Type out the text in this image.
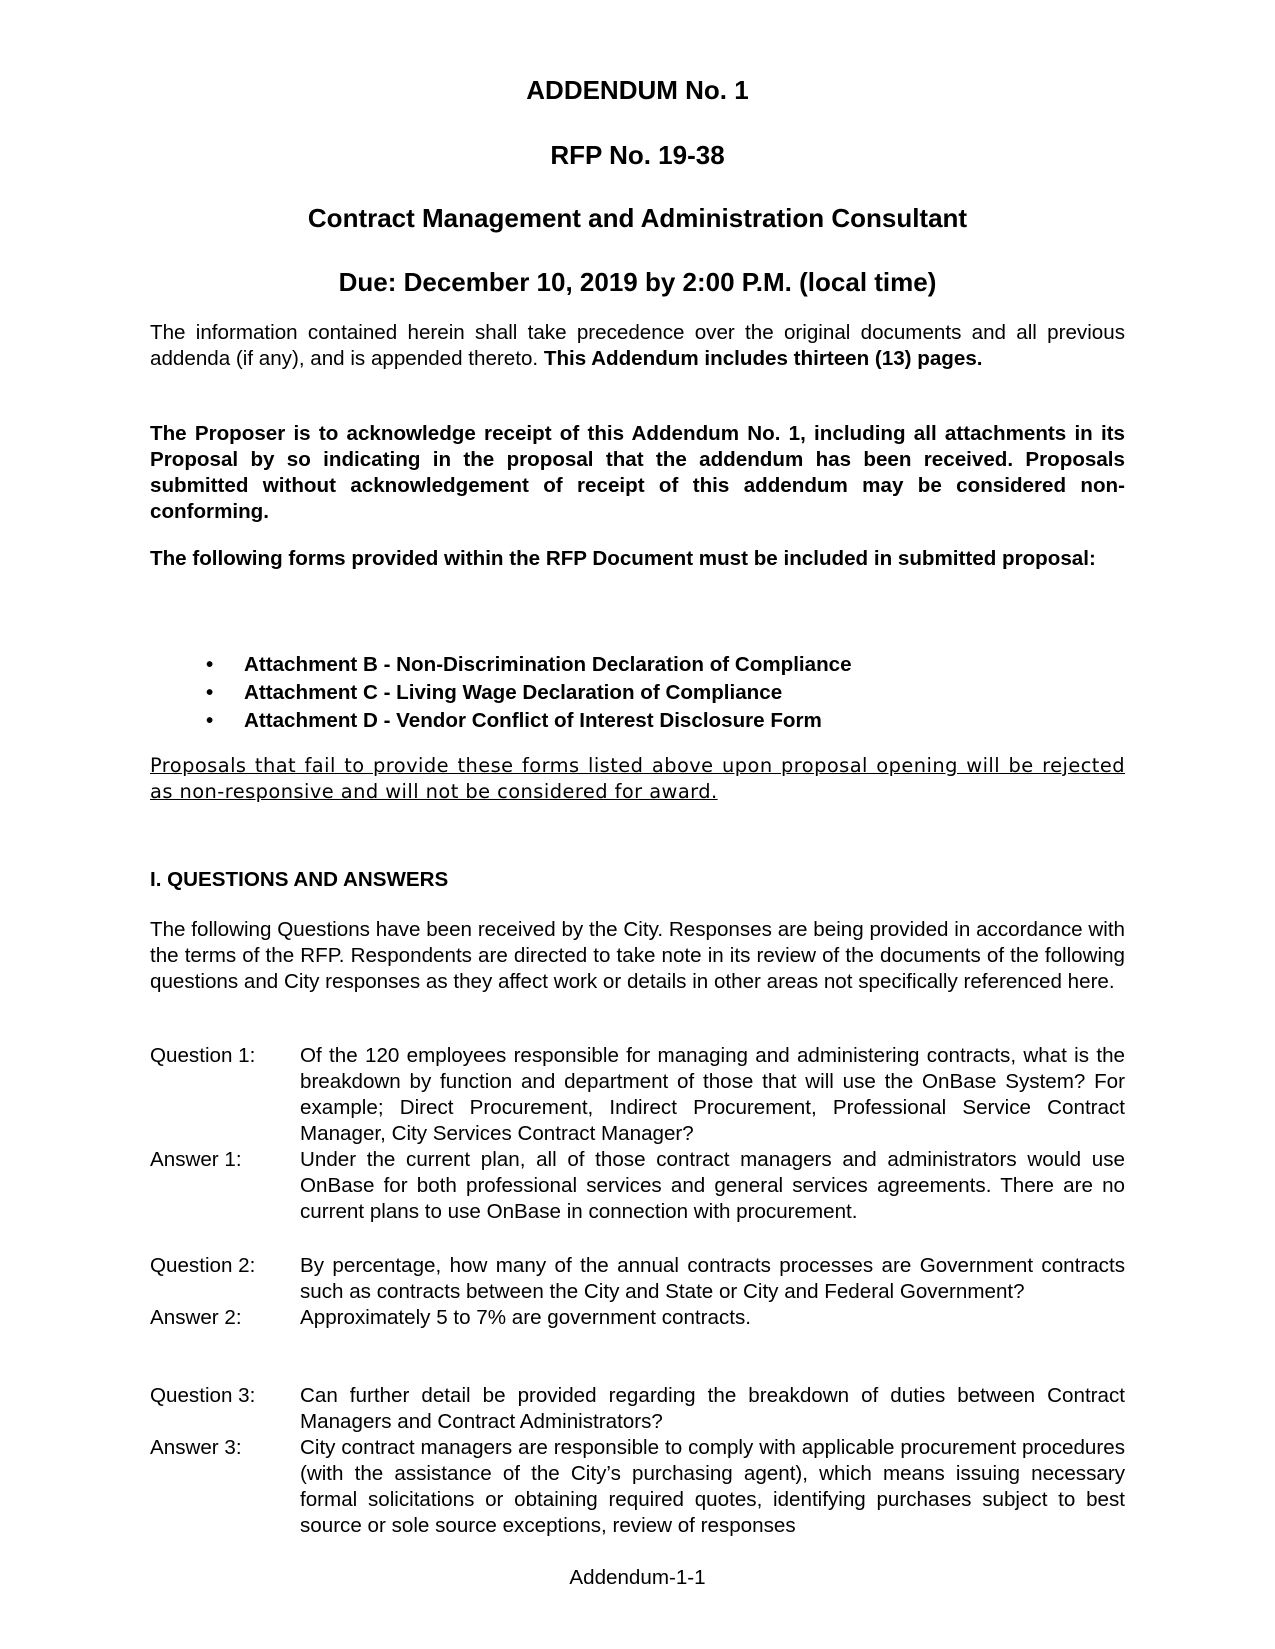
ADDENDUM No. 1
RFP No. 19-38
Contract Management and Administration Consultant
Due: December 10, 2019 by 2:00 P.M. (local time)

The information contained herein shall take precedence over the original documents and all previous addenda (if any), and is appended thereto. This Addendum includes thirteen (13) pages.

The Proposer is to acknowledge receipt of this Addendum No. 1, including all attachments in its Proposal by so indicating in the proposal that the addendum has been received. Proposals submitted without acknowledgement of receipt of this addendum may be considered non-conforming.
The following forms provided within the RFP Document must be included in submitted proposal:
• Attachment B - Non-Discrimination Declaration of Compliance
• Attachment C - Living Wage Declaration of Compliance
• Attachment D - Vendor Conflict of Interest Disclosure Form
Proposals that fail to provide these forms listed above upon proposal opening will be rejected as non-responsive and will not be considered for award.
I. QUESTIONS AND ANSWERS
The following Questions have been received by the City. Responses are being provided in accordance with the terms of the RFP. Respondents are directed to take note in its review of the documents of the following questions and City responses as they affect work or details in other areas not specifically referenced here.
Question 1:	Of the 120 employees responsible for managing and administering contracts, what is the breakdown by function and department of those that will use the OnBase System? For example; Direct Procurement, Indirect Procurement, Professional Service Contract Manager, City Services Contract Manager?
Answer 1:	Under the current plan, all of those contract managers and administrators would use OnBase for both professional services and general services agreements. There are no current plans to use OnBase in connection with procurement.
Question 2:	By percentage, how many of the annual contracts processes are Government contracts such as contracts between the City and State or City and Federal Government?
Answer 2:	Approximately 5 to 7% are government contracts.
Question 3:	Can further detail be provided regarding the breakdown of duties between Contract Managers and Contract Administrators?
Answer 3:	City contract managers are responsible to comply with applicable procurement procedures (with the assistance of the City’s purchasing agent), which means issuing necessary formal solicitations or obtaining required quotes, identifying purchases subject to best source or sole source exceptions, review of responses
Addendum-1-1
